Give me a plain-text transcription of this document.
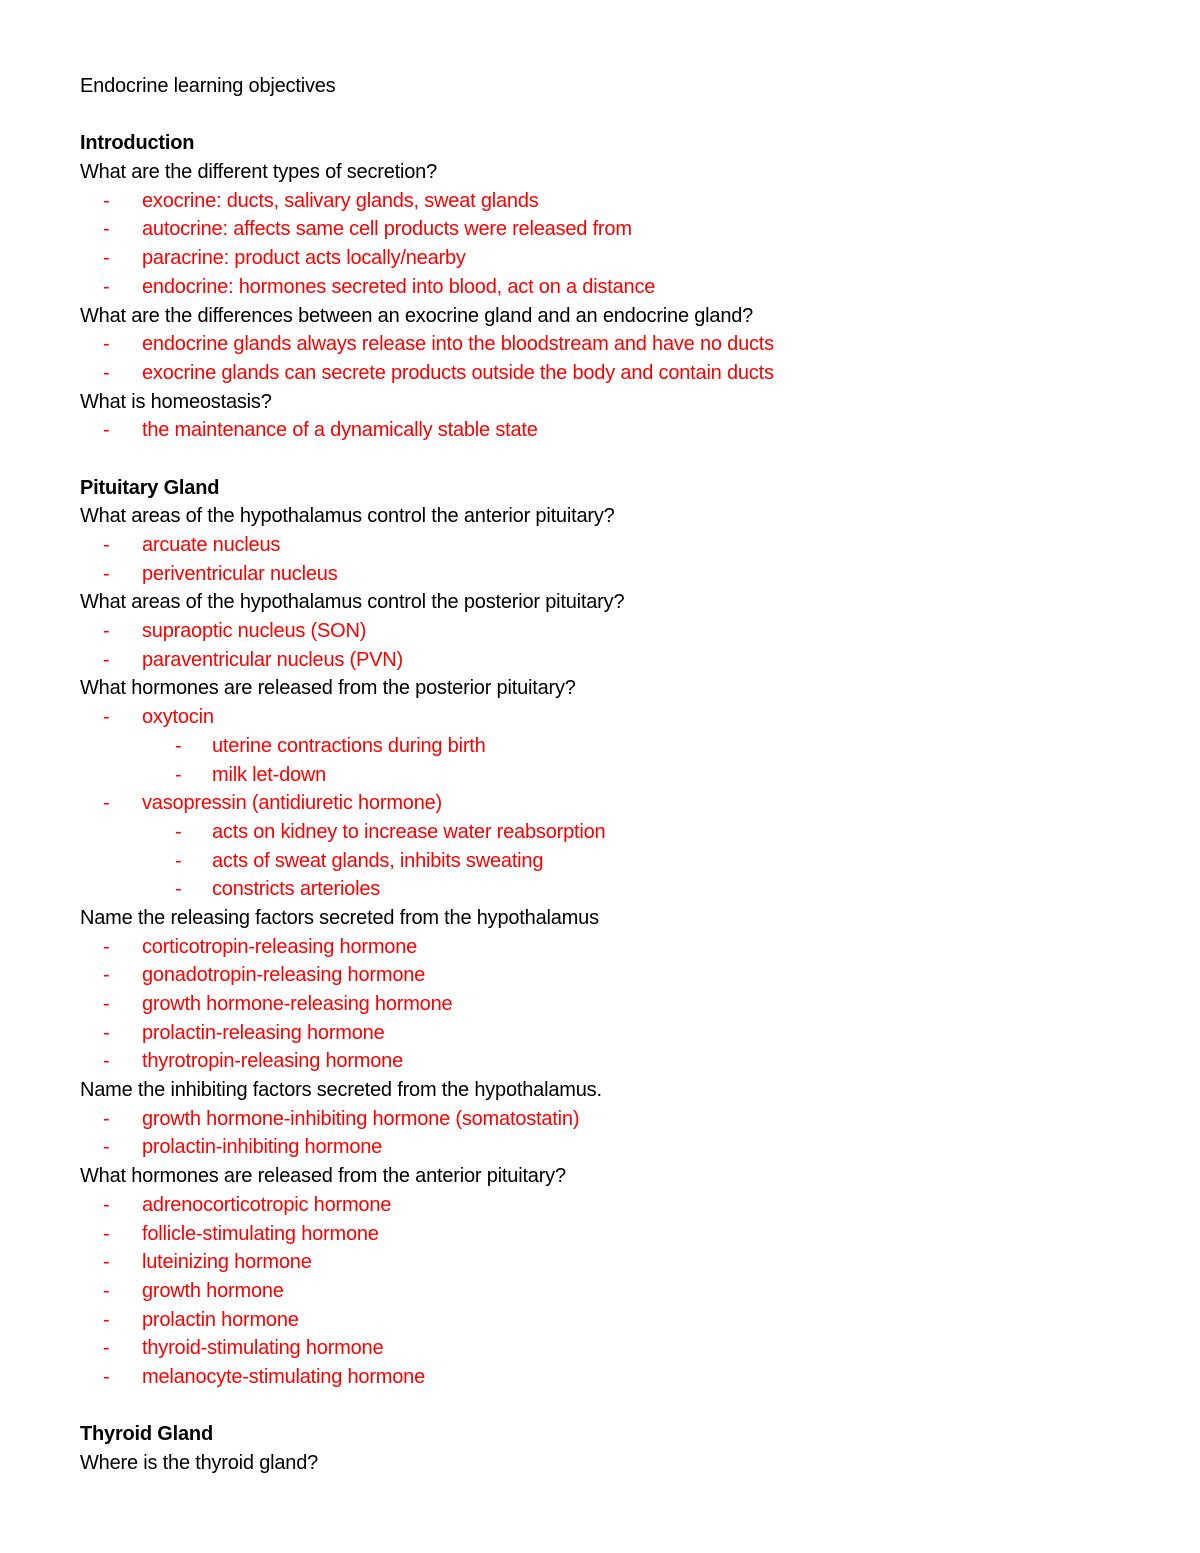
Endocrine learning objectives
Introduction
What are the different types of secretion?
- exocrine: ducts, salivary glands, sweat glands
- autocrine: affects same cell products were released from
- paracrine: product acts locally/nearby
- endocrine: hormones secreted into blood, act on a distance
What are the differences between an exocrine gland and an endocrine gland?
- endocrine glands always release into the bloodstream and have no ducts
- exocrine glands can secrete products outside the body and contain ducts
What is homeostasis?
- the maintenance of a dynamically stable state
Pituitary Gland
What areas of the hypothalamus control the anterior pituitary?
- arcuate nucleus
- periventricular nucleus
What areas of the hypothalamus control the posterior pituitary?
- supraoptic nucleus (SON)
- paraventricular nucleus (PVN)
What hormones are released from the posterior pituitary?
- oxytocin
- uterine contractions during birth
- milk let-down
- vasopressin (antidiuretic hormone)
- acts on kidney to increase water reabsorption
- acts of sweat glands, inhibits sweating
- constricts arterioles
Name the releasing factors secreted from the hypothalamus
- corticotropin-releasing hormone
- gonadotropin-releasing hormone
- growth hormone-releasing hormone
- prolactin-releasing hormone
- thyrotropin-releasing hormone
Name the inhibiting factors secreted from the hypothalamus.
- growth hormone-inhibiting hormone (somatostatin)
- prolactin-inhibiting hormone
What hormones are released from the anterior pituitary?
- adrenocorticotropic hormone
- follicle-stimulating hormone
- luteinizing hormone
- growth hormone
- prolactin hormone
- thyroid-stimulating hormone
- melanocyte-stimulating hormone
Thyroid Gland
Where is the thyroid gland?
